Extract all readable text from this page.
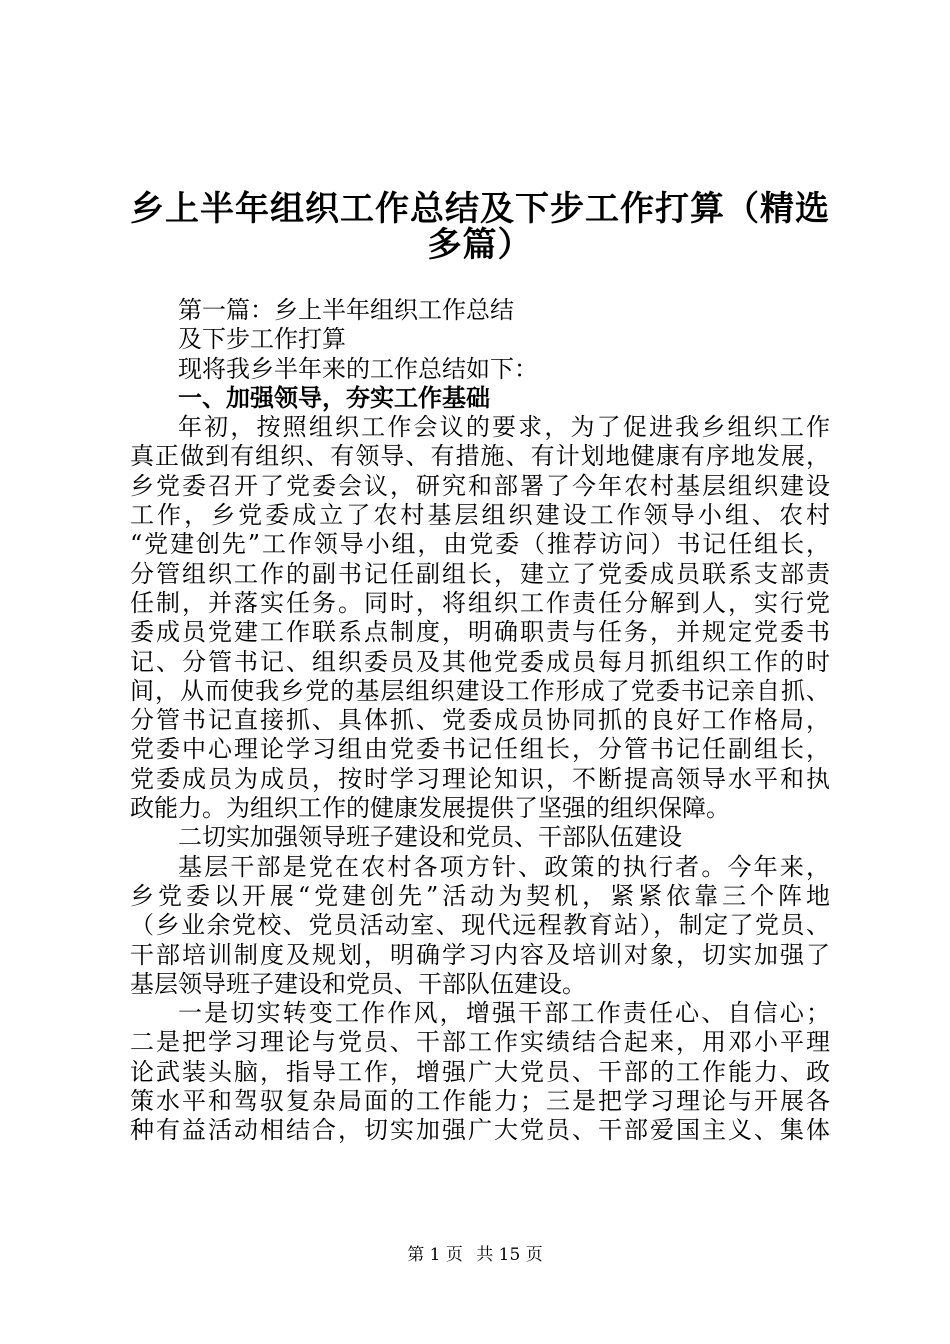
乡上半年组织工作总结及下步工作打算（精选
多篇）
第一篇：乡上半年组织工作总结
及下步工作打算
现将我乡半年来的工作总结如下：
一、加强领导，夯实工作基础
年初，按照组织工作会议的要求，为了促进我乡组织工作
真正做到有组织、有领导、有措施、有计划地健康有序地发展，
乡党委召开了党委会议，研究和部署了今年农村基层组织建设
工作，乡党委成立了农村基层组织建设工作领导小组、农村
“党建创先”工作领导小组，由党委（推荐访问）书记任组长，
分管组织工作的副书记任副组长，建立了党委成员联系支部责
任制，并落实任务。同时，将组织工作责任分解到人，实行党
委成员党建工作联系点制度，明确职责与任务，并规定党委书
记、分管书记、组织委员及其他党委成员每月抓组织工作的时
间，从而使我乡党的基层组织建设工作形成了党委书记亲自抓、
分管书记直接抓、具体抓、党委成员协同抓的良好工作格局，
党委中心理论学习组由党委书记任组长，分管书记任副组长，
党委成员为成员，按时学习理论知识，不断提高领导水平和执
政能力。为组织工作的健康发展提供了坚强的组织保障。
二切实加强领导班子建设和党员、干部队伍建设
基层干部是党在农村各项方针、政策的执行者。今年来，
乡党委以开展“党建创先”活动为契机，紧紧依靠三个阵地
（乡业余党校、党员活动室、现代远程教育站），制定了党员、
干部培训制度及规划，明确学习内容及培训对象，切实加强了
基层领导班子建设和党员、干部队伍建设。
一是切实转变工作作风，增强干部工作责任心、自信心；
二是把学习理论与党员、干部工作实绩结合起来，用邓小平理
论武装头脑，指导工作，增强广大党员、干部的工作能力、政
策水平和驾驭复杂局面的工作能力；三是把学习理论与开展各
种有益活动相结合，切实加强广大党员、干部爱国主义、集体
第 1 页 共 15 页
